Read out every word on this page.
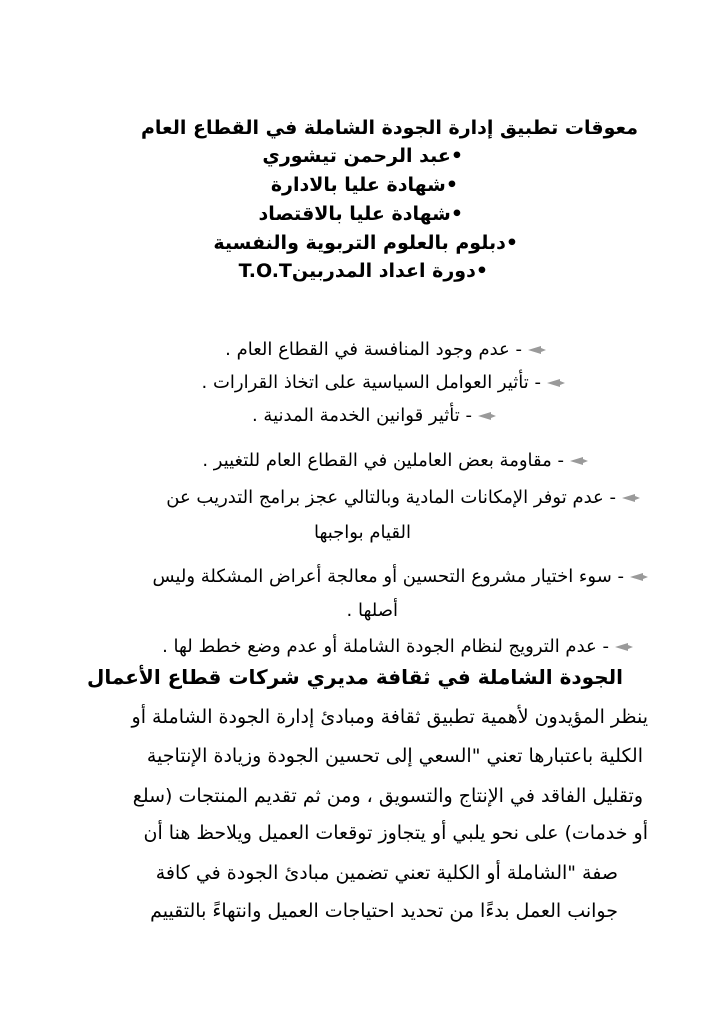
معوقات تطبيق إدارة الجودة الشاملة في القطاع العام
•عبد الرحمن تيشوري
•شهادة عليا بالادارة
•شهادة عليا بالاقتصاد
•دبلوم بالعلوم التربوية والنفسية
•دورة اعداد المدربينT.O.T
- عدم وجود المنافسة في القطاع العام .
- تأثير العوامل السياسية على اتخاذ القرارات .
- تأثير قوانين الخدمة المدنية .
- مقاومة بعض العاملين في القطاع العام للتغيير .
- عدم توفر الإمكانات المادية وبالتالي عجز برامج التدريب عن
القيام بواجبها
- سوء اختيار مشروع التحسين أو معالجة أعراض المشكلة وليس
أصلها .
- عدم الترويج لنظام الجودة الشاملة أو عدم وضع خطط لها .
الجودة الشاملة في ثقافة مديري شركات قطاع الأعمال
ينظر المؤيدون لأهمية تطبيق ثقافة ومبادئ إدارة الجودة الشاملة أو
الكلية باعتبارها تعني "السعي إلى تحسين الجودة وزيادة الإنتاجية
وتقليل الفاقد في الإنتاج والتسويق ، ومن ثم تقديم المنتجات (سلع
أو خدمات) على نحو يلبي أو يتجاوز توقعات العميل ويلاحظ هنا أن
صفة "الشاملة أو الكلية تعني تضمين مبادئ الجودة في كافة
جوانب العمل بدءًا من تحديد احتياجات العميل وانتهاءً بالتقييم
